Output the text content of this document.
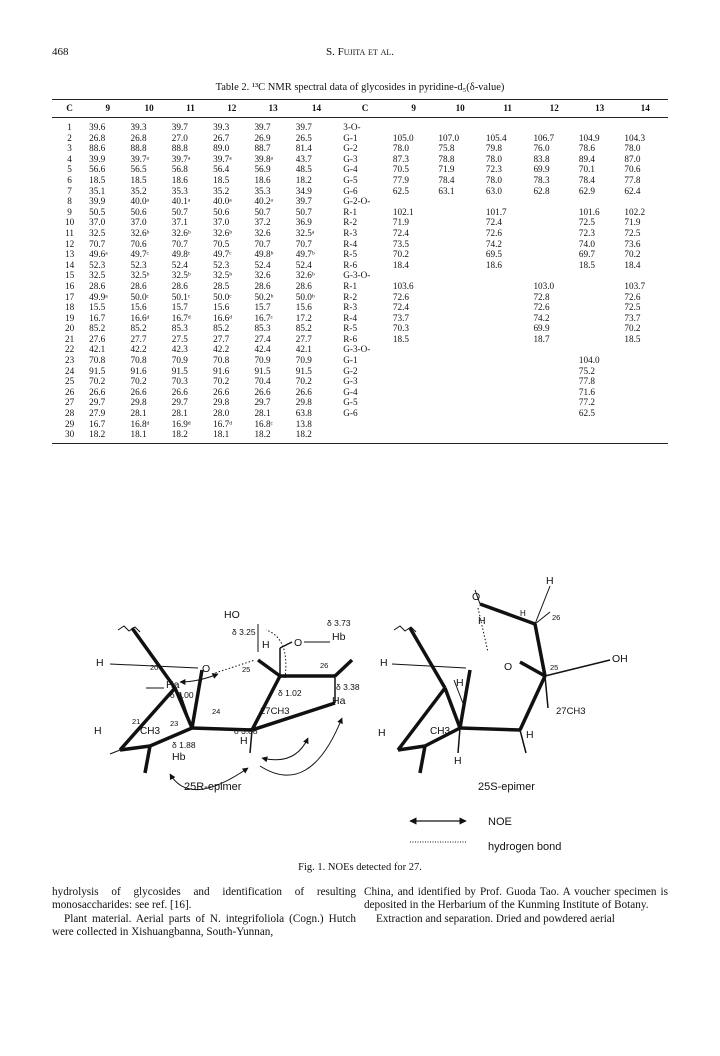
468	S. Fujita et al.
Table 2. ¹³C NMR spectral data of glycosides in pyridine-d₅(δ-value)
C	9	10	11	12	13	14	C	9	10	11	12	13	14
1	39.6	39.3	39.7	39.3	39.7	39.7	3-O-						
2	26.8	26.8	27.0	26.7	26.9	26.5	G-1	105.0	107.0	105.4	106.7	104.9	104.3
3	88.6	88.8	88.8	89.0	88.7	81.4	G-2	78.0	75.8	79.8	76.0	78.6	78.0
4	39.9	39.7ᵃ	39.7ᵃ	39.7ᵃ	39.8ᵃ	43.7	G-3	87.3	78.8	78.0	83.8	89.4	87.0
5	56.6	56.5	56.8	56.4	56.9	48.5	G-4	70.5	71.9	72.3	69.9	70.1	70.6
6	18.5	18.5	18.6	18.5	18.6	18.2	G-5	77.9	78.4	78.0	78.3	78.4	77.8
7	35.1	35.2	35.3	35.2	35.3	34.9	G-6	62.5	63.1	63.0	62.8	62.9	62.4
8	39.9	40.0ᵃ	40.1ᵃ	40.0ᵃ	40.2ᵃ	39.7	G-2-O-						
9	50.5	50.6	50.7	50.6	50.7	50.7	R-1	102.1		101.7		101.6	102.2
10	37.0	37.0	37.1	37.0	37.2	36.9	R-2	71.9		72.4		72.5	71.9
11	32.5	32.6ᵇ	32.6ᵇ	32.6ᵇ	32.6	32.5ᵃ	R-3	72.4		72.6		72.3	72.5
12	70.7	70.6	70.7	70.5	70.7	70.7	R-4	73.5		74.2		74.0	73.6
13	49.6ᵃ	49.7ᶜ	49.8ᶜ	49.7ᶜ	49.8ᵇ	49.7ᵇ	R-5	70.2		69.5		69.7	70.2
14	52.3	52.3	52.4	52.3	52.4	52.4	R-6	18.4		18.6		18.5	18.4
15	32.5	32.5ᵇ	32.5ᵇ	32.5ᵇ	32.6	32.6ᵇ	G-3-O-						
16	28.6	28.6	28.6	28.5	28.6	28.6	R-1	103.6			103.0		103.7
17	49.9ᵃ	50.0ᶜ	50.1ᶜ	50.0ᶜ	50.2ᵇ	50.0ᵇ	R-2	72.6			72.8		72.6
18	15.5	15.6	15.7	15.6	15.7	15.6	R-3	72.4			72.6		72.5
19	16.7	16.6ᵈ	16.7ᵈ	16.6ᵈ	16.7ᶜ	17.2	R-4	73.7			74.2		73.7
20	85.2	85.2	85.3	85.2	85.3	85.2	R-5	70.3			69.9		70.2
21	27.6	27.7	27.5	27.7	27.4	27.7	R-6	18.5			18.7		18.5
22	42.1	42.2	42.3	42.2	42.4	42.1	G-3-O-						
23	70.8	70.8	70.9	70.8	70.9	70.9	G-1					104.0	
24	91.5	91.6	91.5	91.6	91.5	91.5	G-2					75.2	
25	70.2	70.2	70.3	70.2	70.4	70.2	G-3					77.8	
26	26.6	26.6	26.6	26.6	26.6	26.6	G-4					71.6	
27	29.7	29.8	29.7	29.8	29.7	29.8	G-5					77.2	
28	27.9	28.1	28.1	28.0	28.1	63.8	G-6					62.5	
29	16.7	16.8ᵈ	16.9ᵈ	16.7ᵈ	16.8ᶜ	13.8							
30	18.2	18.1	18.2	18.1	18.2	18.2							
HO
δ 3.25
δ 3.73
Hb
H O
26
25
O
20
H
Ha
δ 2.00	δ 1.02
27CH3
δ 3.38
Ha
24
23
21
CH3
H	δ 3.88
H
δ 1.88
Hb
25R-epimer
H
O
H
H	26
OH
25
O
H
H
27CH3
H	CH3
H
H
25S-epimer
NOE
hydrogen bond
Fig. 1. NOEs detected for 27.

hydrolysis of glycosides and identification of resulting monosaccharides: see ref. [16].

Plant material. Aerial parts of N. integrifoliola (Cogn.) Hutch were collected in Xishuangbanna, South-Yunnan,

China, and identified by Prof. Guoda Tao. A voucher specimen is deposited in the Herbarium of the Kunming Institute of Botany.

Extraction and separation. Dried and powdered aerial
